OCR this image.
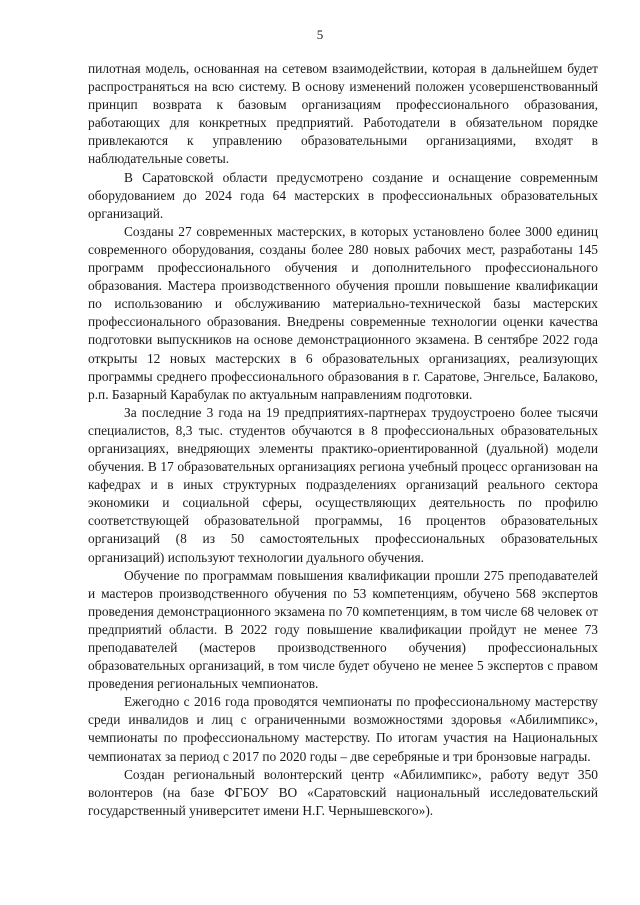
5

пилотная модель, основанная на сетевом взаимодействии, которая в дальнейшем будет распространяться на всю систему. В основу изменений положен усовершенствованный принцип возврата к базовым организациям профессионального образования, работающих для конкретных предприятий. Работодатели в обязательном порядке привлекаются к управлению образовательными организациями, входят в наблюдательные советы.

В Саратовской области предусмотрено создание и оснащение современным оборудованием до 2024 года 64 мастерских в профессиональных образовательных организаций.

Созданы 27 современных мастерских, в которых установлено более 3000 единиц современного оборудования, созданы более 280 новых рабочих мест, разработаны 145 программ профессионального обучения и дополнительного профессионального образования. Мастера производственного обучения прошли повышение квалификации по использованию и обслуживанию материально-технической базы мастерских профессионального образования. Внедрены современные технологии оценки качества подготовки выпускников на основе демонстрационного экзамена. В сентябре 2022 года открыты 12 новых мастерских в 6 образовательных организациях, реализующих программы среднего профессионального образования в г. Саратове, Энгельсе, Балаково, р.п. Базарный Карабулак по актуальным направлениям подготовки.

За последние 3 года на 19 предприятиях-партнерах трудоустроено более тысячи специалистов, 8,3 тыс. студентов обучаются в 8 профессиональных образовательных организациях, внедряющих элементы практико-ориентированной (дуальной) модели обучения. В 17 образовательных организациях региона учебный процесс организован на кафедрах и в иных структурных подразделениях организаций реального сектора экономики и социальной сферы, осуществляющих деятельность по профилю соответствующей образовательной программы, 16 процентов образовательных организаций (8 из 50 самостоятельных профессиональных образовательных организаций) используют технологии дуального обучения.

Обучение по программам повышения квалификации прошли 275 преподавателей и мастеров производственного обучения по 53 компетенциям, обучено 568 экспертов проведения демонстрационного экзамена по 70 компетенциям, в том числе 68 человек от предприятий области. В 2022 году повышение квалификации пройдут не менее 73 преподавателей (мастеров производственного обучения) профессиональных образовательных организаций, в том числе будет обучено не менее 5 экспертов с правом проведения региональных чемпионатов.

Ежегодно с 2016 года проводятся чемпионаты по профессиональному мастерству среди инвалидов и лиц с ограниченными возможностями здоровья «Абилимпикс», чемпионаты по профессиональному мастерству. По итогам участия на Национальных чемпионатах за период с 2017 по 2020 годы – две серебряные и три бронзовые награды.

Создан региональный волонтерский центр «Абилимпикс», работу ведут 350 волонтеров (на базе ФГБОУ ВО «Саратовский национальный исследовательский государственный университет имени Н.Г. Чернышевского»).
